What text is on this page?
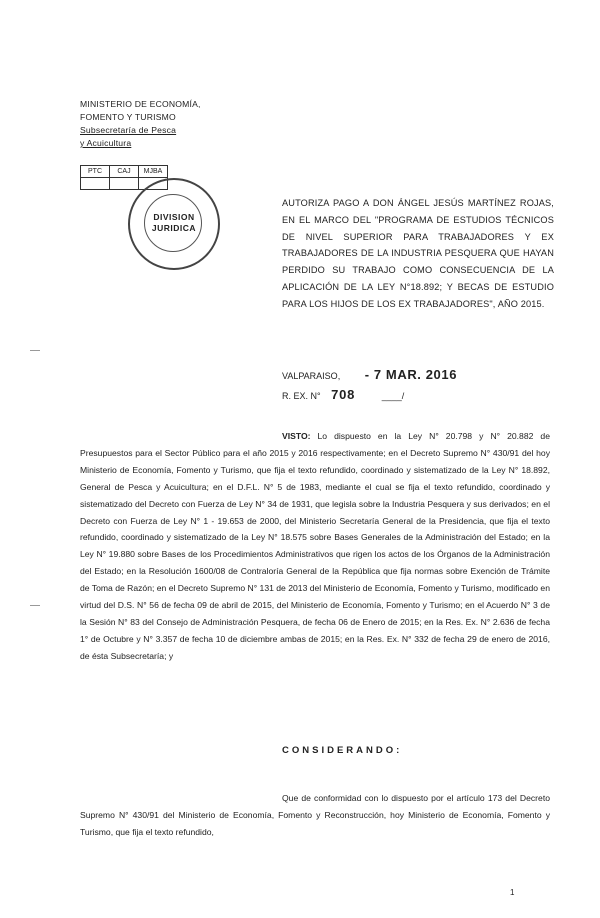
MINISTERIO DE ECONOMÍA,
FOMENTO Y TURISMO
Subsecretaría de Pesca
y Acuicultura
PTC	CAJ	MJBA

DIVISION
JURIDICA
AUTORIZA PAGO A DON ÁNGEL JESÚS MARTÍNEZ ROJAS, EN EL MARCO DEL "PROGRAMA DE ESTUDIOS TÉCNICOS DE NIVEL SUPERIOR PARA TRABAJADORES Y EX TRABAJADORES DE LA INDUSTRIA PESQUERA QUE HAYAN PERDIDO SU TRABAJO COMO CONSECUENCIA DE LA APLICACIÓN DE LA LEY N°18.892; Y BECAS DE ESTUDIO PARA LOS HIJOS DE LOS EX TRABAJADORES", AÑO 2015.
VALPARAISO, - 7 MAR. 2016
R. EX. N° 708	____/
VISTO: Lo dispuesto en la Ley N° 20.798 y N° 20.882 de Presupuestos para el Sector Público para el año 2015 y 2016 respectivamente; en el Decreto Supremo N° 430/91 del hoy Ministerio de Economía, Fomento y Turismo, que fija el texto refundido, coordinado y sistematizado de la Ley N° 18.892, General de Pesca y Acuicultura; en el D.F.L. N° 5 de 1983, mediante el cual se fija el texto refundido, coordinado y sistematizado del Decreto con Fuerza de Ley N° 34 de 1931, que legisla sobre la Industria Pesquera y sus derivados; en el Decreto con Fuerza de Ley N° 1 - 19.653 de 2000, del Ministerio Secretaría General de la Presidencia, que fija el texto refundido, coordinado y sistematizado de la Ley N° 18.575 sobre Bases Generales de la Administración del Estado; en la Ley N° 19.880 sobre Bases de los Procedimientos Administrativos que rigen los actos de los Órganos de la Administración del Estado; en la Resolución 1600/08 de Contraloría General de la República que fija normas sobre Exención de Trámite de Toma de Razón; en el Decreto Supremo N° 131 de 2013 del Ministerio de Economía, Fomento y Turismo, modificado en virtud del D.S. N° 56 de fecha 09 de abril de 2015, del Ministerio de Economía, Fomento y Turismo; en el Acuerdo N° 3 de la Sesión N° 83 del Consejo de Administración Pesquera, de fecha 06 de Enero de 2015; en la Res. Ex. N° 2.636 de fecha 1° de Octubre y N° 3.357 de fecha 10 de diciembre ambas de 2015; en la Res. Ex. N° 332 de fecha 29 de enero de 2016, de ésta Subsecretaría; y
CONSIDERANDO:
Que de conformidad con lo dispuesto por el artículo 173 del Decreto Supremo N° 430/91 del Ministerio de Economía, Fomento y Reconstrucción, hoy Ministerio de Economía, Fomento y Turismo, que fija el texto refundido,
1
